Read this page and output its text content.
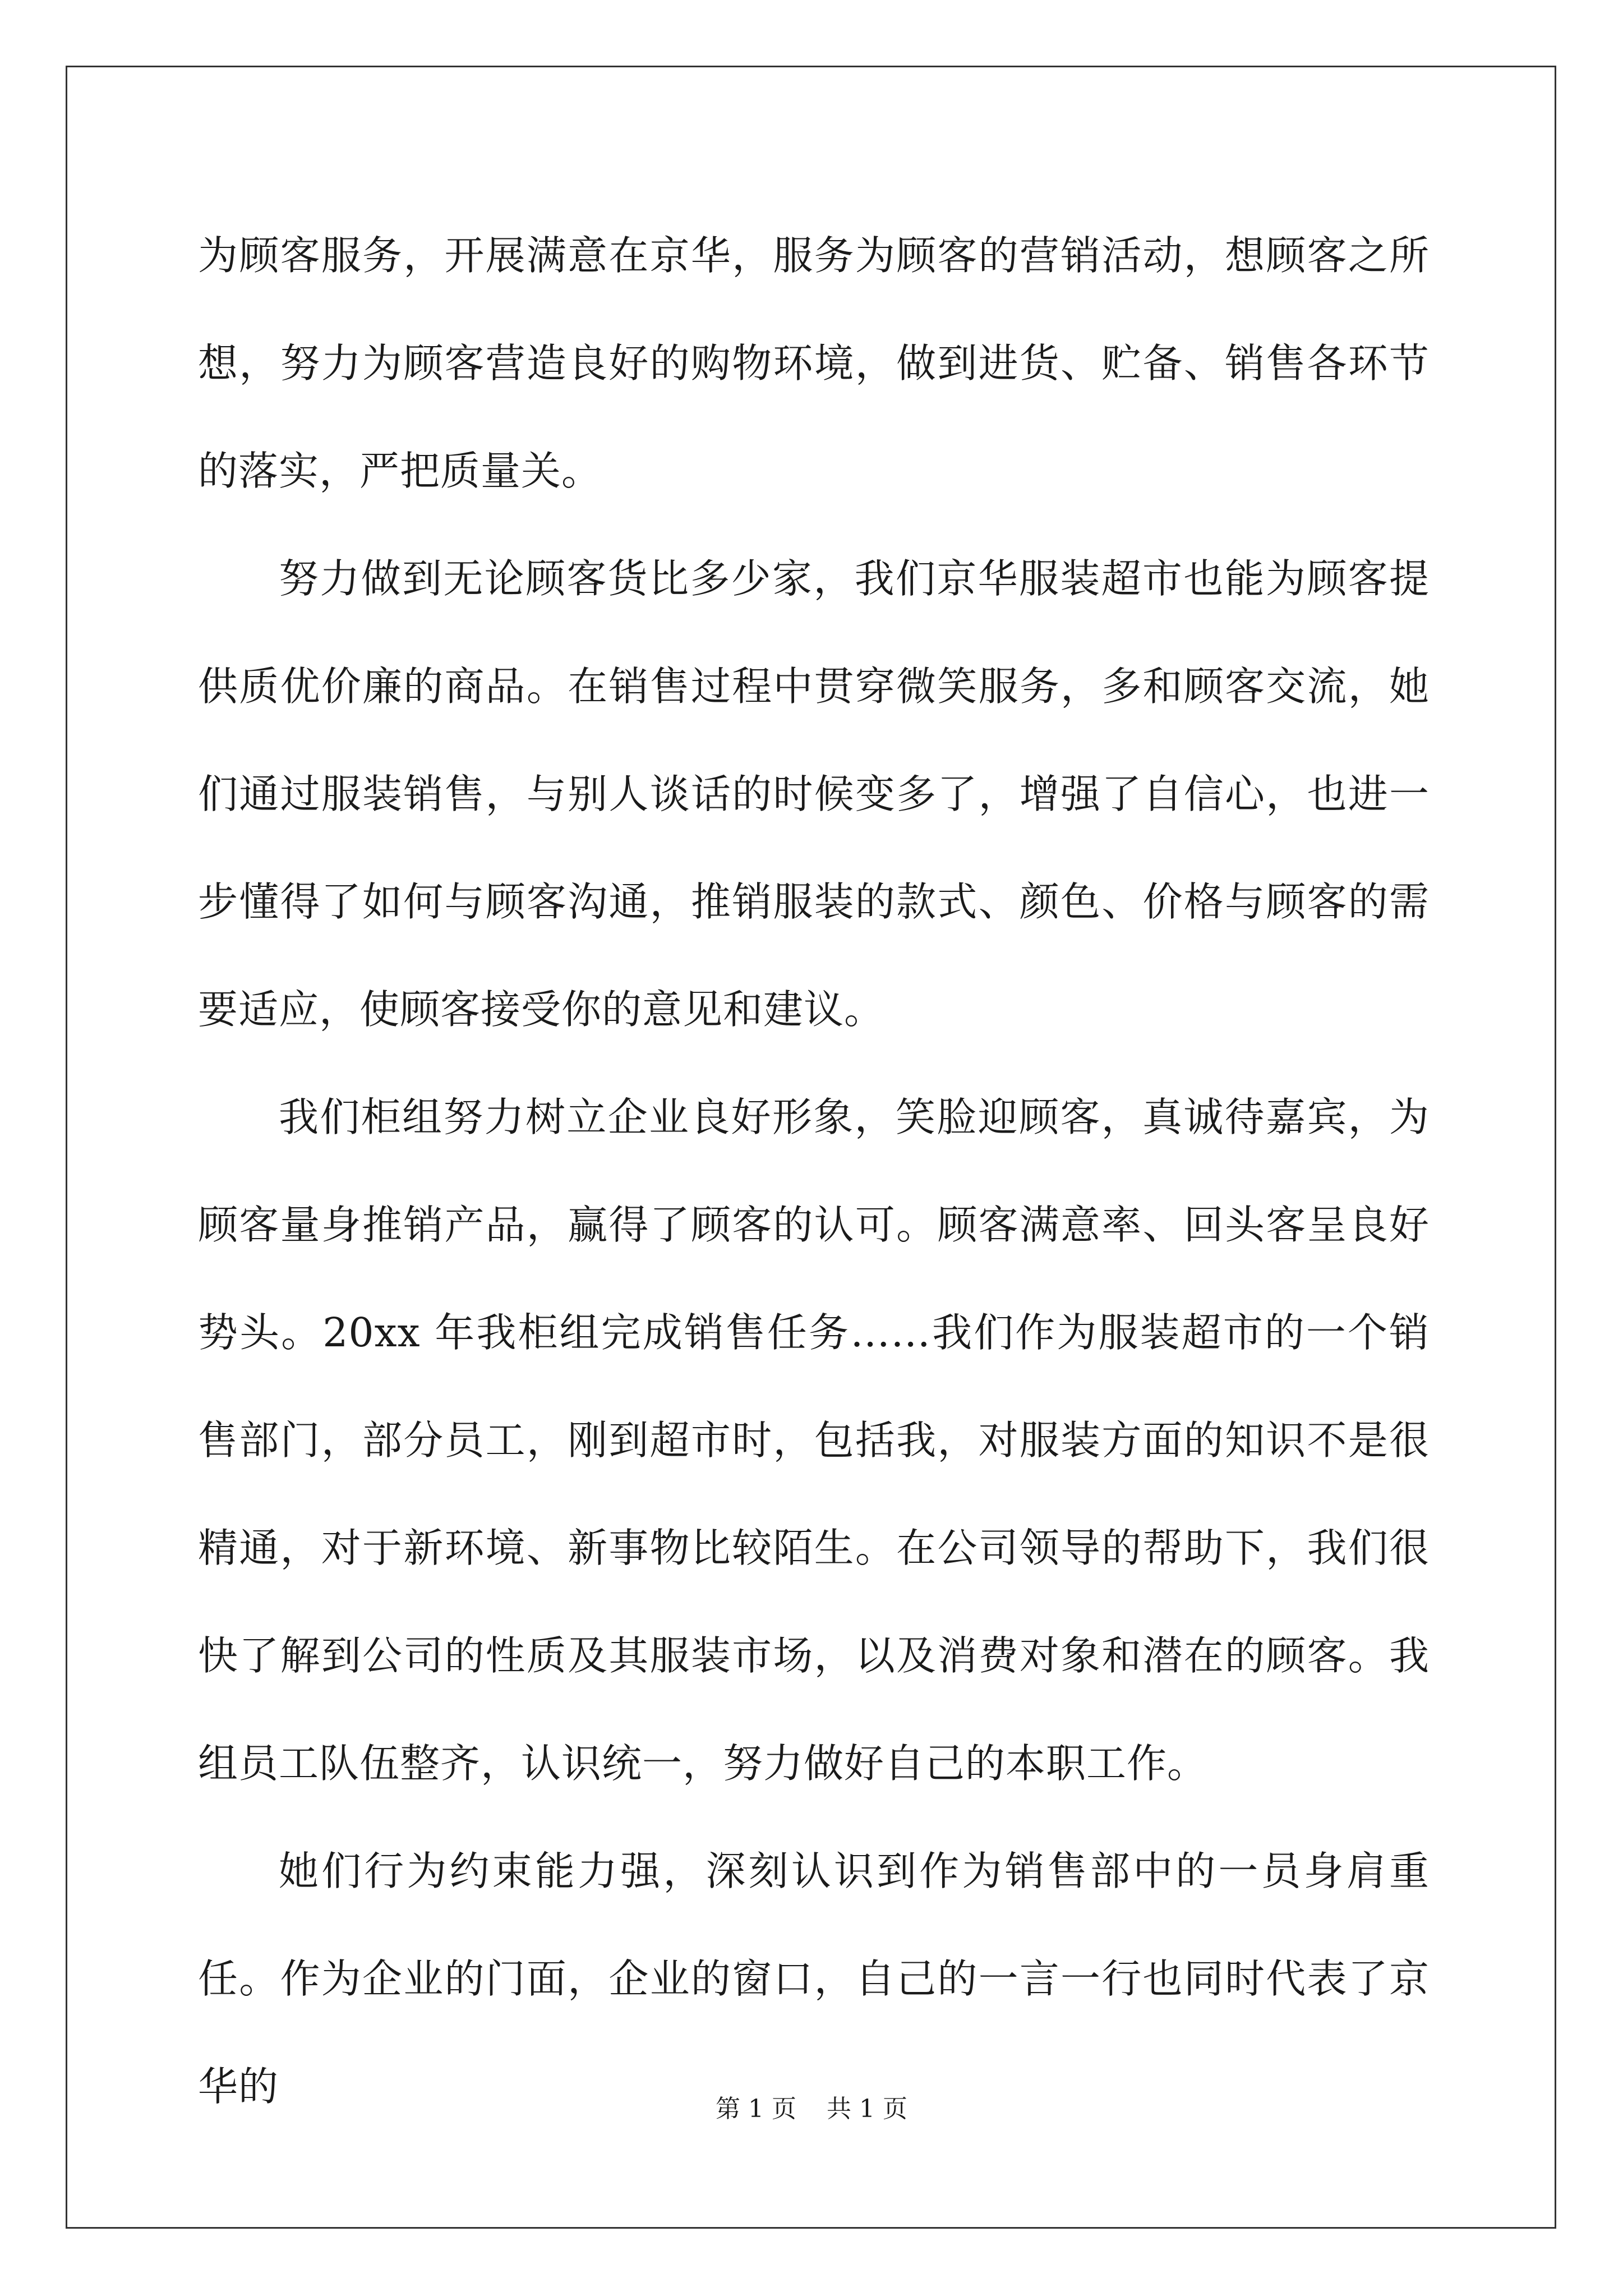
为顾客服务，开展满意在京华，服务为顾客的营销活动，想顾客之所想，努力为顾客营造良好的购物环境，做到进货、贮备、销售各环节的落实，严把质量关。

努力做到无论顾客货比多少家，我们京华服装超市也能为顾客提供质优价廉的商品。在销售过程中贯穿微笑服务，多和顾客交流，她们通过服装销售，与别人谈话的时候变多了，增强了自信心，也进一步懂得了如何与顾客沟通，推销服装的款式、颜色、价格与顾客的需要适应，使顾客接受你的意见和建议。

我们柜组努力树立企业良好形象，笑脸迎顾客，真诚待嘉宾，为顾客量身推销产品，赢得了顾客的认可。顾客满意率、回头客呈良好势头。20xx 年我柜组完成销售任务……我们作为服装超市的一个销售部门，部分员工，刚到超市时，包括我，对服装方面的知识不是很精通，对于新环境、新事物比较陌生。在公司领导的帮助下，我们很快了解到公司的性质及其服装市场，以及消费对象和潜在的顾客。我组员工队伍整齐，认识统一，努力做好自己的本职工作。

她们行为约束能力强，深刻认识到作为销售部中的一员身肩重任。作为企业的门面，企业的窗口，自己的一言一行也同时代表了京华的	第 1 页 共 1 页
